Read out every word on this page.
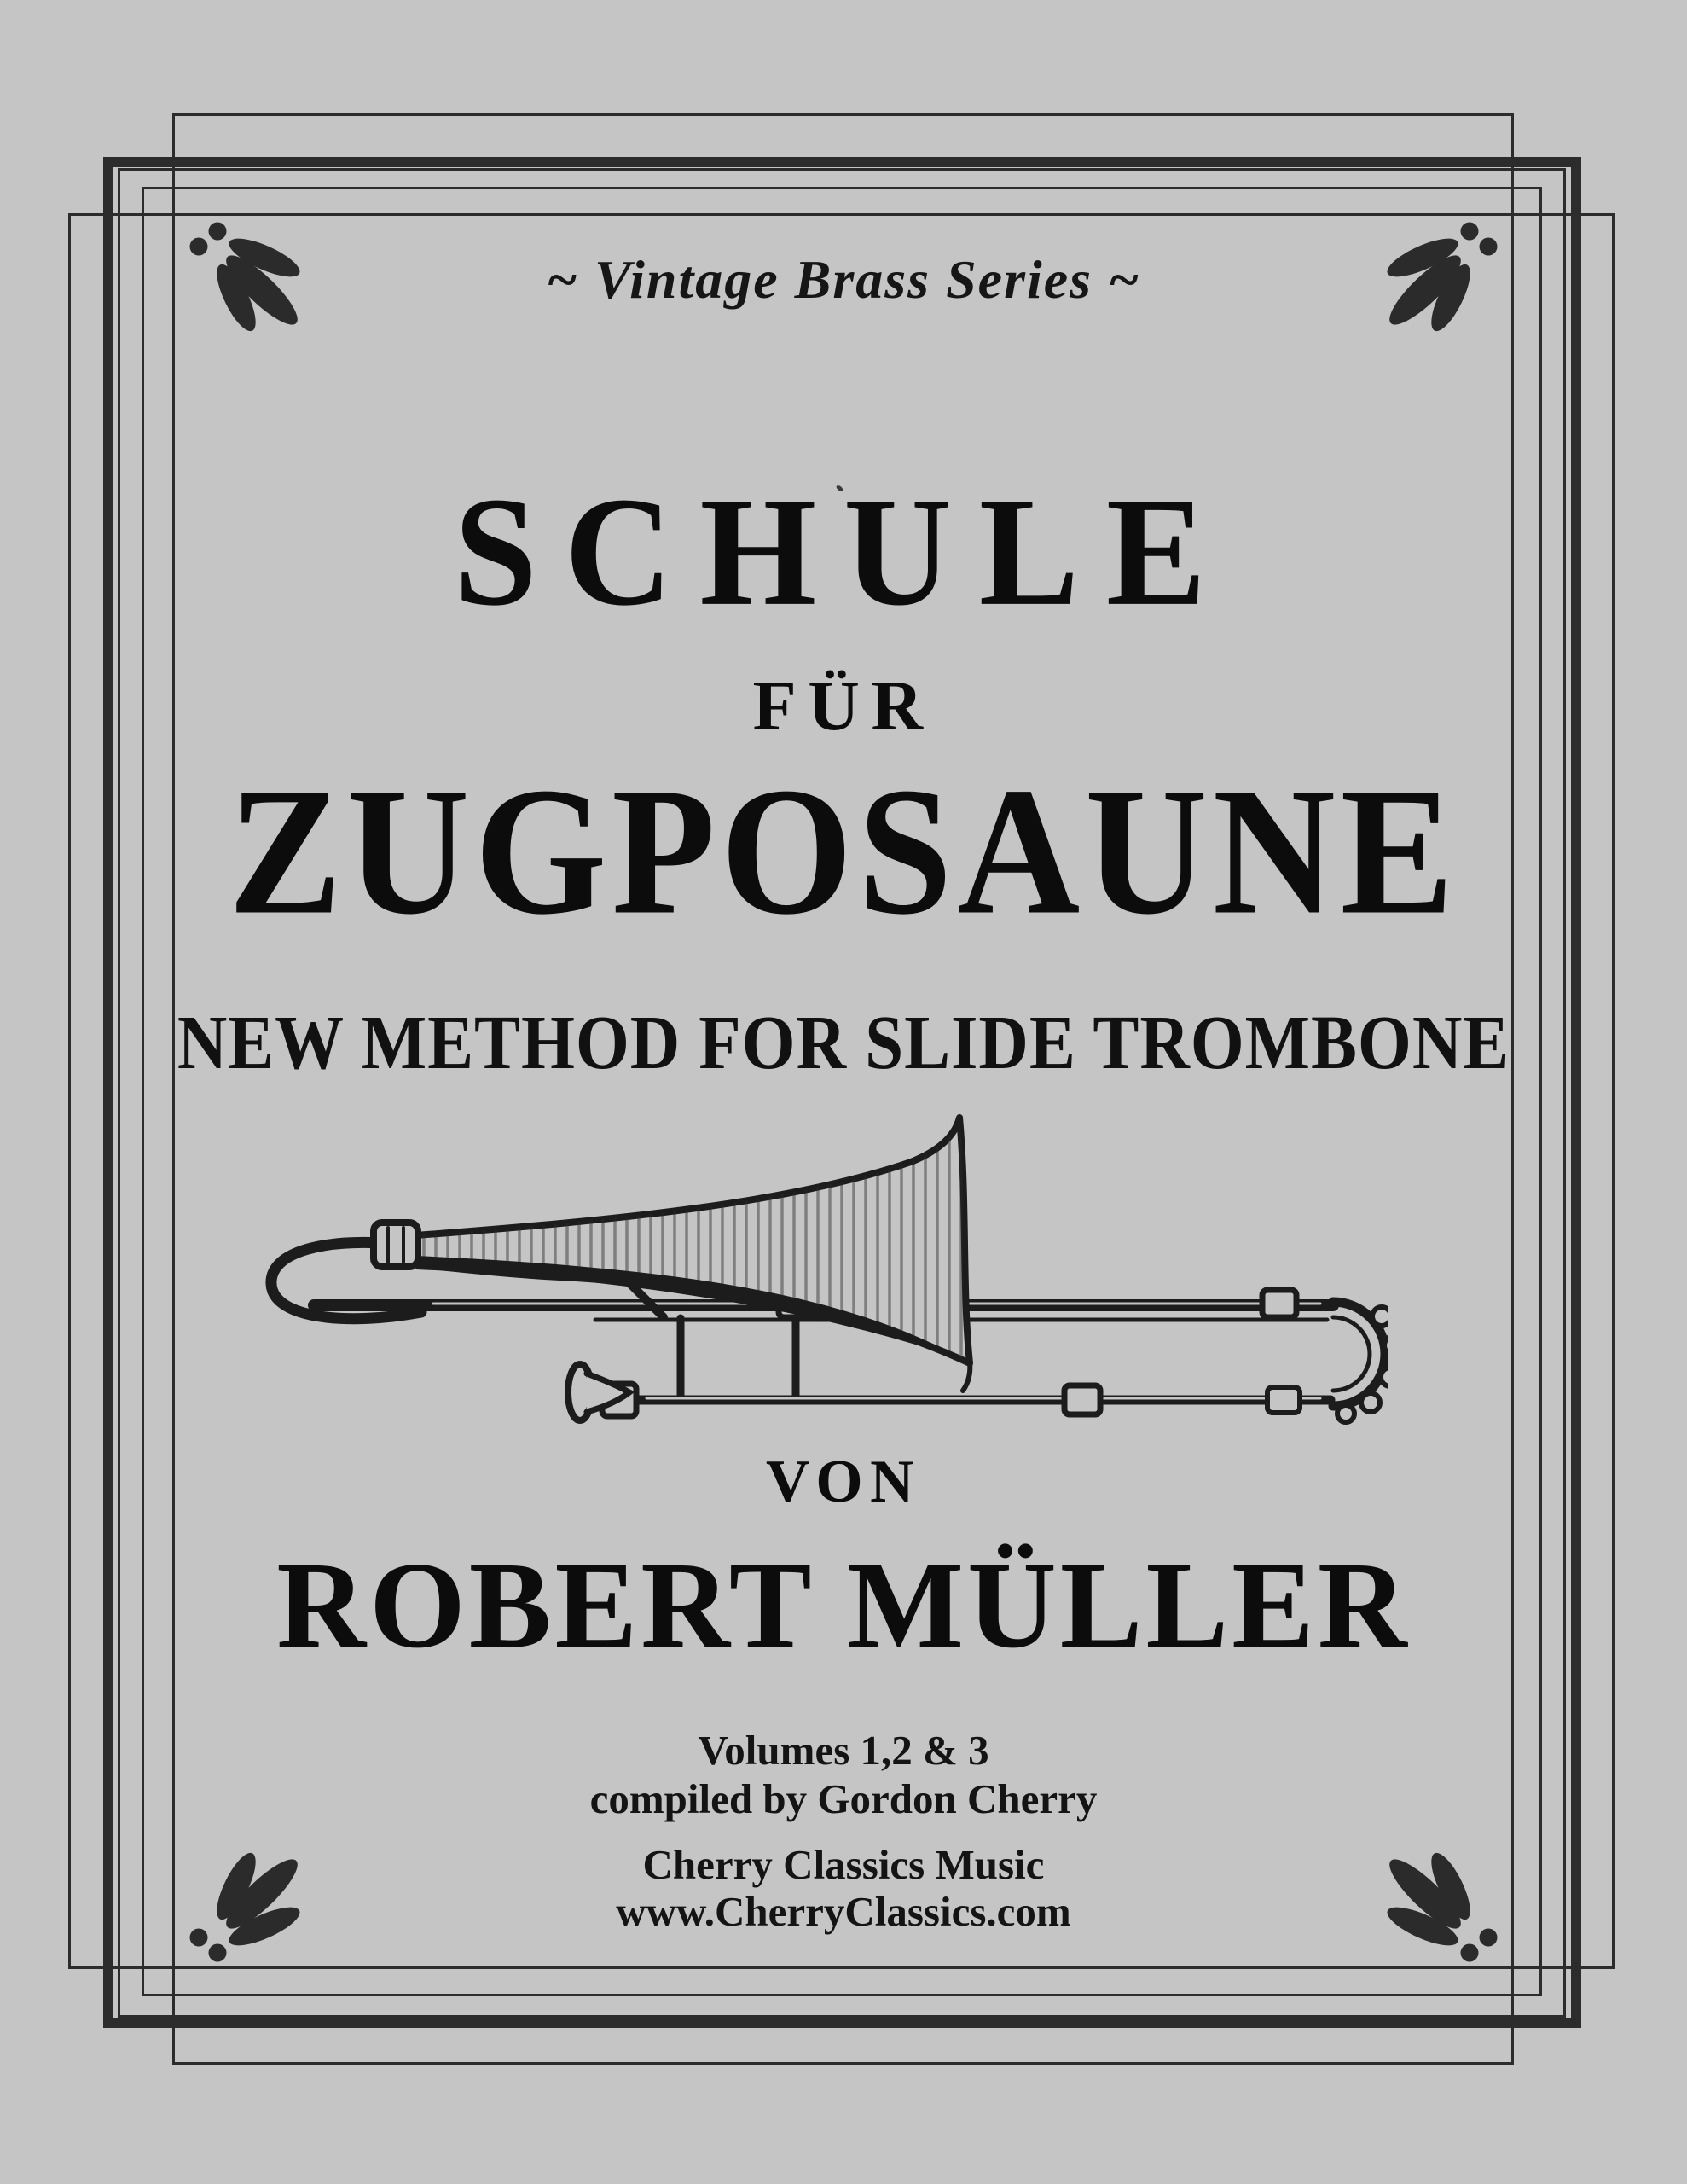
~ Vintage Brass Series ~
SCHULE
FÜR
ZUGPOSAUNE
NEW METHOD FOR SLIDE TROMBONE
VON
ROBERT MÜLLER
Volumes 1,2 & 3
compiled by Gordon Cherry
Cherry Classics Music
www.CherryClassics.com
